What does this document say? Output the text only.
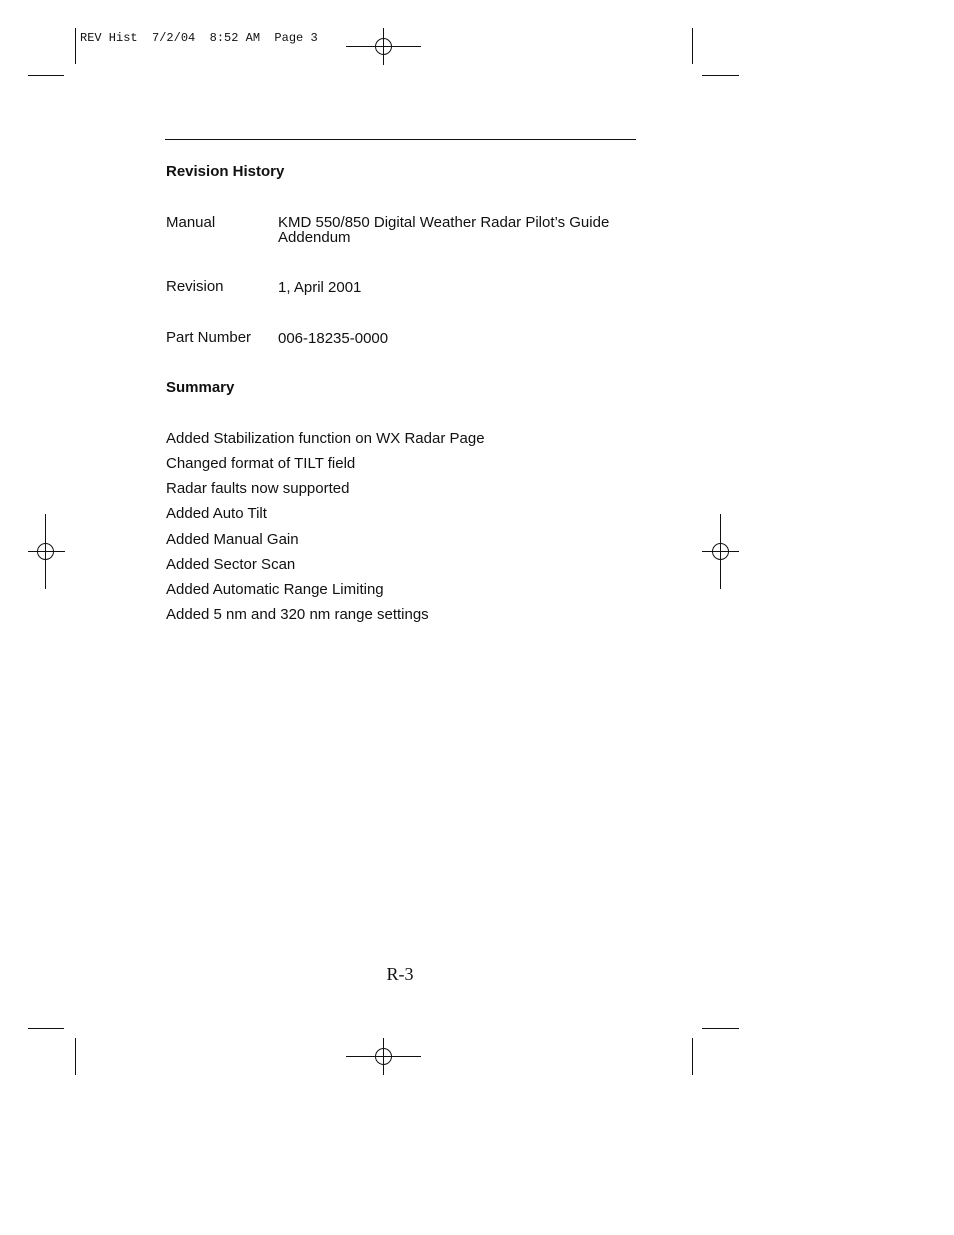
REV Hist  7/2/04  8:52 AM  Page 3
Revision History
Manual	KMD 550/850 Digital Weather Radar Pilot’s Guide Addendum
Revision	1, April 2001
Part Number 006-18235-0000
Summary
Added Stabilization function on WX Radar Page
Changed format of TILT field
Radar faults now supported
Added Auto Tilt
Added Manual Gain
Added Sector Scan
Added Automatic Range Limiting
Added 5 nm and 320 nm range settings
R-3
